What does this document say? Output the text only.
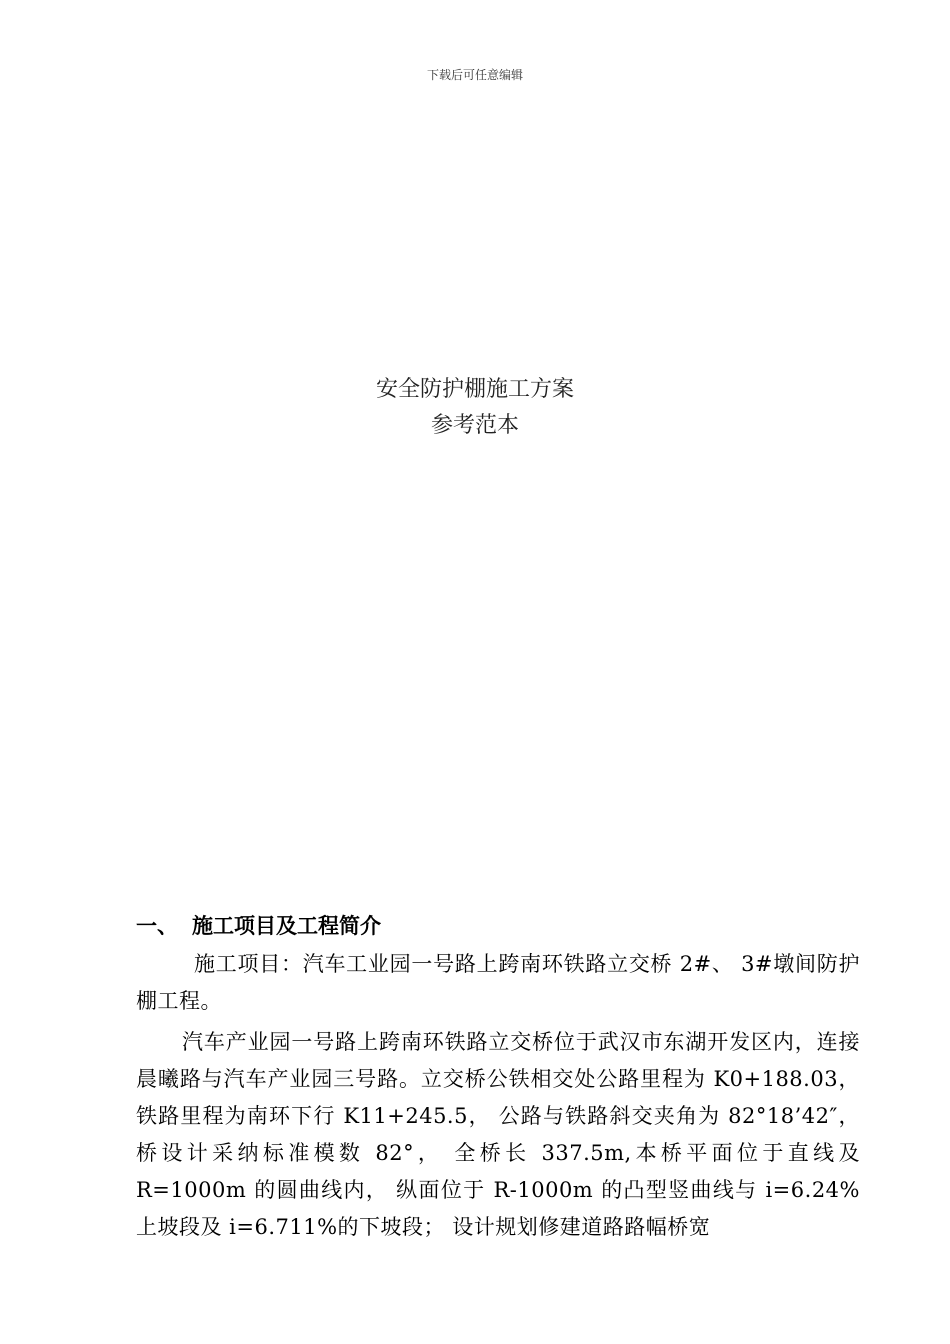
下载后可任意编辑
安全防护棚施工方案
参考范本
一、 施工项目及工程简介
施工项目：汽车工业园一号路上跨南环铁路立交桥 2#、 3#墩间防护棚工程。
汽车产业园一号路上跨南环铁路立交桥位于武汉市东湖开发区内，连接晨曦路与汽车产业园三号路。立交桥公铁相交处公路里程为 K0+188.03， 铁路里程为南环下行 K11+245.5， 公路与铁路斜交夹角为 82°18’42″， 桥设计采纳标准模数 82°， 全桥长 337.5m,本桥平面位于直线及 R=1000m 的圆曲线内， 纵面位于 R-1000m 的凸型竖曲线与 i=6.24%上坡段及 i=6.711%的下坡段； 设计规划修建道路路幅桥宽
